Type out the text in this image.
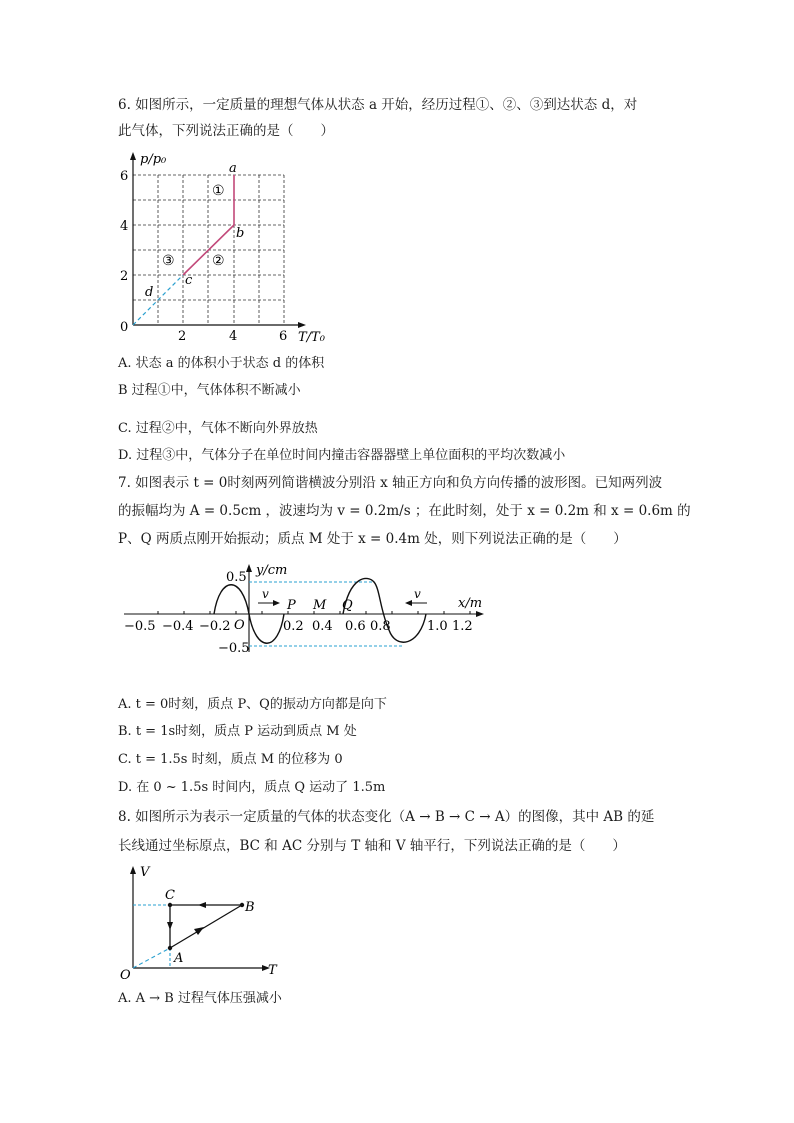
6. 如图所示，一定质量的理想气体从状态 a 开始，经历过程①、②、③到达状态 d，对
此气体，下列说法正确的是（　　）
p/p₀
6
4
2
0
2	4	6 T/T₀
a
b
c
d
①
②
③
A. 状态 a 的体积小于状态 d 的体积
B 过程①中，气体体积不断减小
C. 过程②中，气体不断向外界放热
D. 过程③中，气体分子在单位时间内撞击容器器壁上单位面积的平均次数减小
7. 如图表示 t = 0时刻两列简谐横波分别沿 x 轴正方向和负方向传播的波形图。已知两列波
的振幅均为 A = 0.5cm ，波速均为 v = 0.2m/s ；在此时刻，处于 x = 0.2m 和 x = 0.6m 的
P、Q 两质点刚开始振动；质点 M 处于 x = 0.4m 处，则下列说法正确的是（　　）
y/cm
0.5
−0.5
O
v	v
P M Q	x/m
−0.5 −0.4 −0.2	0.2 0.4 0.6 0.8	1.0 1.2
A. t = 0时刻，质点 P、Q的振动方向都是向下
B. t = 1s时刻，质点 P 运动到质点 M 处
C. t = 1.5s 时刻，质点 M 的位移为 0
D. 在 0 ~ 1.5s 时间内，质点 Q 运动了 1.5m
8. 如图所示为表示一定质量的气体的状态变化（A → B → C → A）的图像，其中 AB 的延
长线通过坐标原点，BC 和 AC 分别与 T 轴和 V 轴平行，下列说法正确的是（　　）
V
T
O
A
B
C
A. A → B 过程气体压强减小
